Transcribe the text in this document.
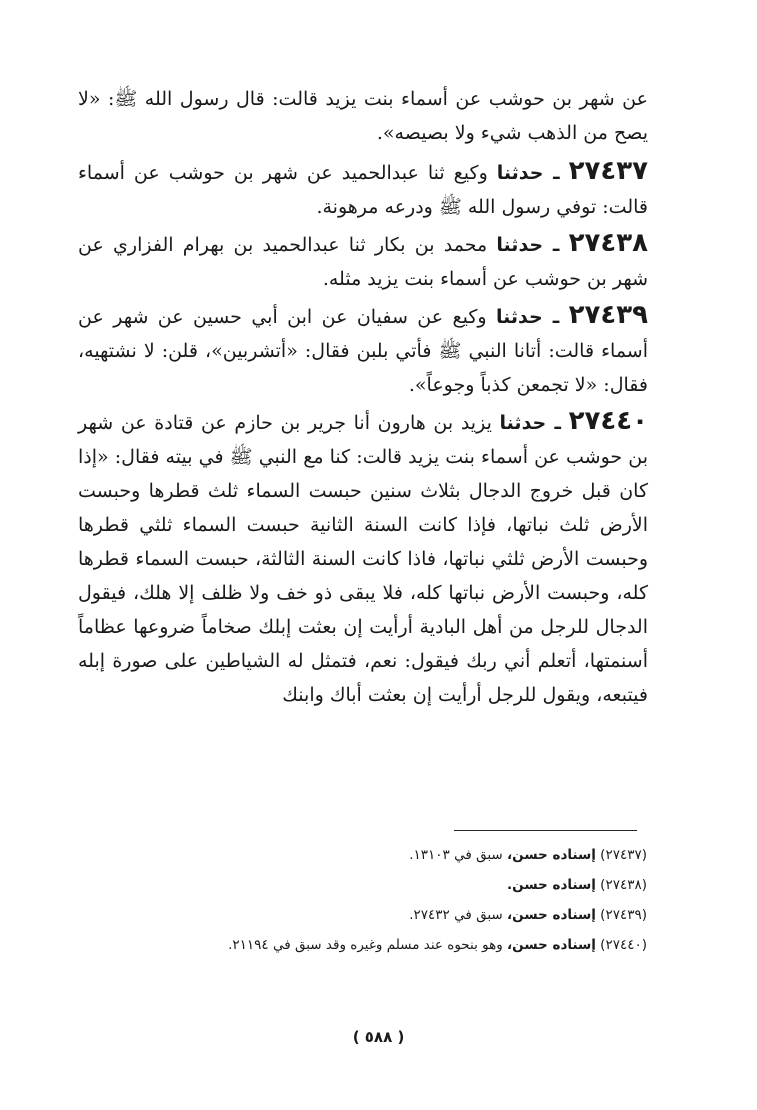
عن شهر بن حوشب عن أسماء بنت يزيد قالت: قال رسول الله ﷺ: «لا يصح من الذهب شيء ولا بصيصه».

٢٧٤٣٧ ـ حدثنا وكيع ثنا عبدالحميد عن شهر بن حوشب عن أسماء قالت: توفي رسول الله ﷺ ودرعه مرهونة.

٢٧٤٣٨ ـ حدثنا محمد بن بكار ثنا عبدالحميد بن بهرام الفزاري عن شهر بن حوشب عن أسماء بنت يزيد مثله.

٢٧٤٣٩ ـ حدثنا وكيع عن سفيان عن ابن أبي حسين عن شهر عن أسماء قالت: أتانا النبي ﷺ فأتي بلبن فقال: «أتشربين»، قلن: لا نشتهيه، فقال: «لا تجمعن كذباً وجوعاً».

٢٧٤٤٠ ـ حدثنا يزيد بن هارون أنا جرير بن حازم عن قتادة عن شهر بن حوشب عن أسماء بنت يزيد قالت: كنا مع النبي ﷺ في بيته فقال: «إذا كان قبل خروج الدجال بثلاث سنين حبست السماء ثلث قطرها وحبست الأرض ثلث نباتها، فإذا كانت السنة الثانية حبست السماء ثلثي قطرها وحبست الأرض ثلثي نباتها، فاذا كانت السنة الثالثة، حبست السماء قطرها كله، وحبست الأرض نباتها كله، فلا يبقى ذو خف ولا ظلف إلا هلك، فيقول الدجال للرجل من أهل البادية أرأيت إن بعثت إبلك صخاماً ضروعها عظاماً أسنمتها، أتعلم أني ربك فيقول: نعم، فتمثل له الشياطين على صورة إبله فيتبعه، ويقول للرجل أرأيت إن بعثت أباك وابنك

(٢٧٤٣٧) إسناده حسن، سبق في ١٣١٠٣.
(٢٧٤٣٨) إسناده حسن.
(٢٧٤٣٩) إسناده حسن، سبق في ٢٧٤٣٢.
(٢٧٤٤٠) إسناده حسن، وهو بنحوه عند مسلم وغيره وقد سبق في ٢١١٩٤.
( ٥٨٨ )
